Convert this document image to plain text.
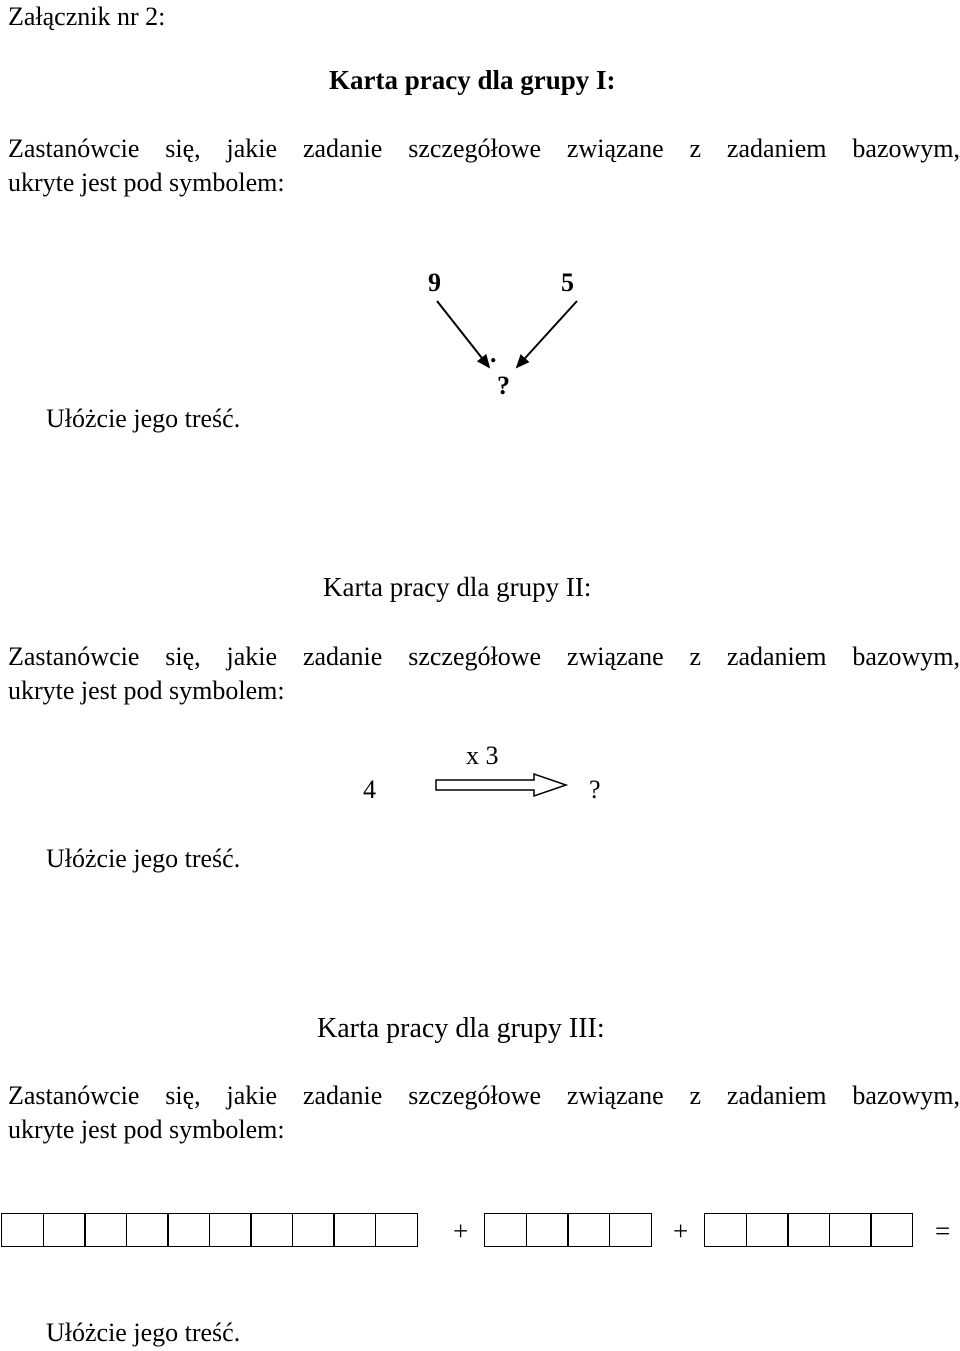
Załącznik nr 2:
Karta pracy dla grupy I:
Zastanówcie się, jakie zadanie szczegółowe związane z zadaniem bazowym,
ukryte jest pod symbolem:
9	5
.
?
Ułóżcie jego treść.
Karta pracy dla grupy II:
Zastanówcie się, jakie zadanie szczegółowe związane z zadaniem bazowym,
ukryte jest pod symbolem:
x 3
4	?
Ułóżcie jego treść.
Karta pracy dla grupy III:
Zastanówcie się, jakie zadanie szczegółowe związane z zadaniem bazowym,
ukryte jest pod symbolem:
+	+	=
Ułóżcie jego treść.
